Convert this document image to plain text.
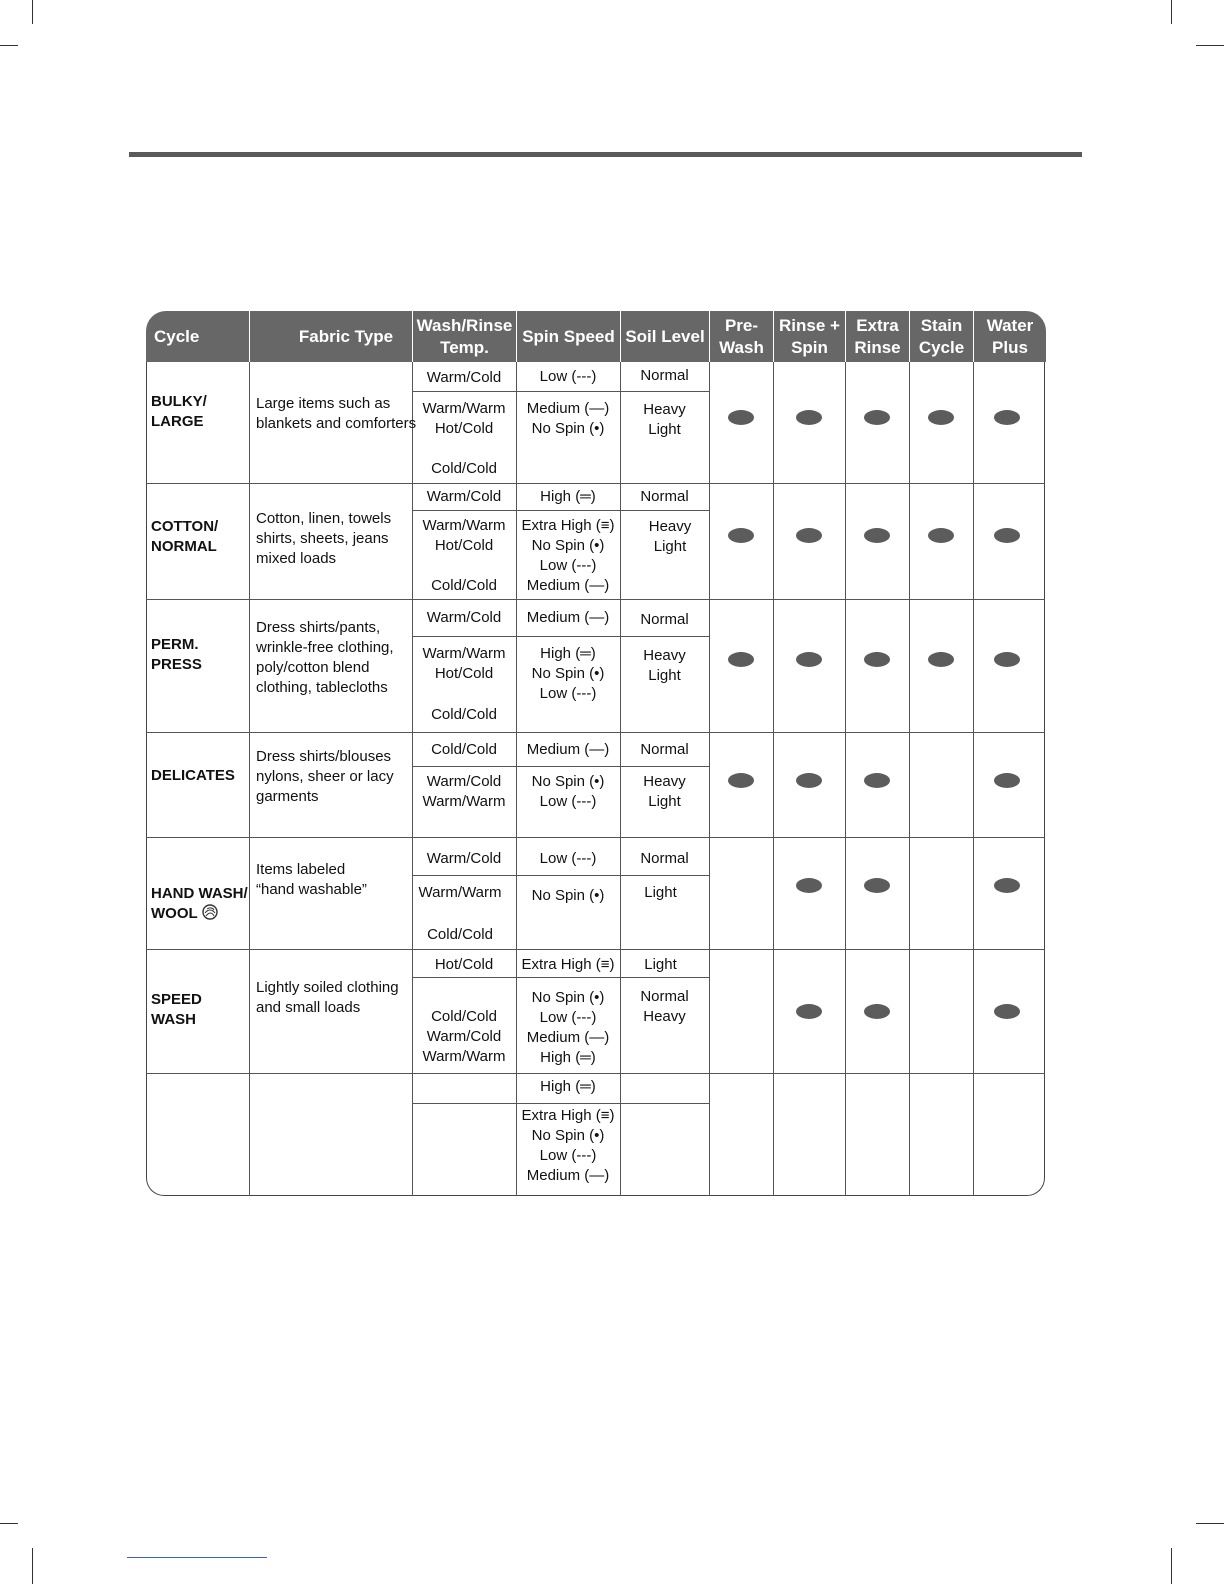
Cycle	Fabric Type
Wash/Rinse
Temp.
Spin Speed Soil Level
Pre-
Wash
Rinse +
Spin
Extra
Rinse
Stain
Cycle
Water
Plus
BULKY/
LARGE
Large items such as
blankets and comforters
Warm/Cold
Warm/Warm
Hot/Cold
Cold/Cold
Low (---)
Medium (—)
No Spin (•)
Normal
Heavy
Light
COTTON/
NORMAL
Cotton, linen, towels
shirts, sheets, jeans
mixed loads
Warm/Cold
Warm/Warm
Hot/Cold
Cold/Cold
High (═)
Extra High (≡)
No Spin (•)
Low (---)
Medium (—)
Normal
Heavy
Light
PERM.
PRESS
Dress shirts/pants,
wrinkle-free clothing,
poly/cotton blend
clothing, tablecloths
Warm/Cold
Warm/Warm
Hot/Cold
Cold/Cold
Medium (—)
High (═)
No Spin (•)
Low (---)
Normal
Heavy
Light
DELICATES
Dress shirts/blouses
nylons, sheer or lacy
garments
Cold/Cold
Warm/Cold
Warm/Warm
Medium (—)
No Spin (•)
Low (---)
Normal
Heavy
Light

HAND WASH/
WOOL

Items labeled
“hand washable”
Warm/Cold
Warm/Warm
Cold/Cold
Low (---)
No Spin (•)
Normal
Light
SPEED
WASH
Lightly soiled clothing
and small loads
Hot/Cold
Cold/Cold
Warm/Cold
Warm/Warm
Extra High (≡)
No Spin (•)
Low (---)
Medium (—)
High (═)
Light
Normal
Heavy
High (═)
Extra High (≡)
No Spin (•)
Low (---)
Medium (—)
